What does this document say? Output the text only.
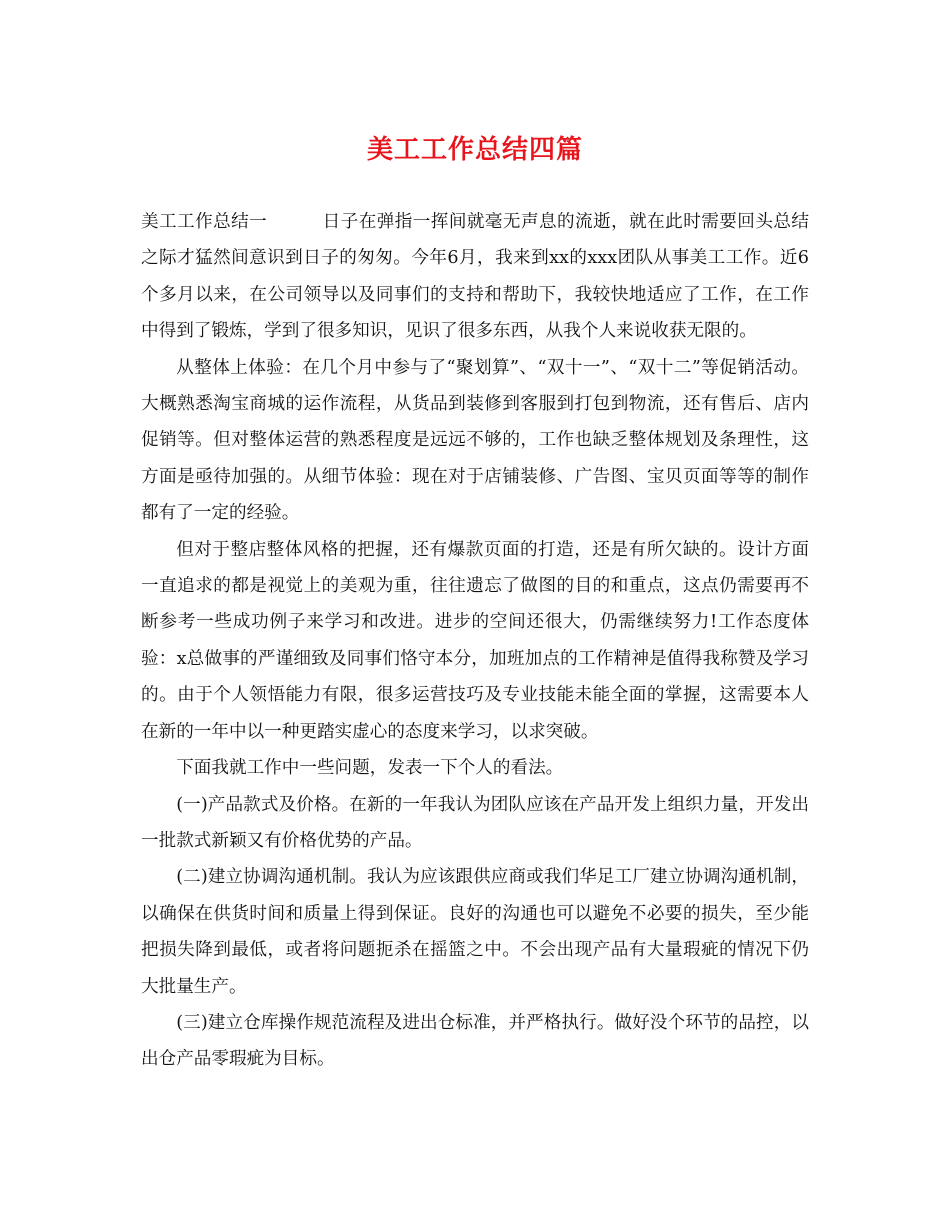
美工工作总结四篇

美工工作总结一	日子在弹指一挥间就毫无声息的流逝，就在此时需要回头总结之际才猛然间意识到日子的匆匆。今年6月，我来到xx的xxx团队从事美工工作。近6个多月以来，在公司领导以及同事们的支持和帮助下，我较快地适应了工作，在工作中得到了锻炼，学到了很多知识，见识了很多东西，从我个人来说收获无限的。

从整体上体验：在几个月中参与了“聚划算”、“双十一”、“双十二”等促销活动。大概熟悉淘宝商城的运作流程，从货品到装修到客服到打包到物流，还有售后、店内促销等。但对整体运营的熟悉程度是远远不够的，工作也缺乏整体规划及条理性，这方面是亟待加强的。从细节体验：现在对于店铺装修、广告图、宝贝页面等等的制作都有了一定的经验。

但对于整店整体风格的把握，还有爆款页面的打造，还是有所欠缺的。设计方面一直追求的都是视觉上的美观为重，往往遗忘了做图的目的和重点，这点仍需要再不断参考一些成功例子来学习和改进。进步的空间还很大，仍需继续努力!工作态度体验：x总做事的严谨细致及同事们恪守本分，加班加点的工作精神是值得我称赞及学习的。由于个人领悟能力有限，很多运营技巧及专业技能未能全面的掌握，这需要本人在新的一年中以一种更踏实虚心的态度来学习，以求突破。

下面我就工作中一些问题，发表一下个人的看法。

(一)产品款式及价格。在新的一年我认为团队应该在产品开发上组织力量，开发出一批款式新颖又有价格优势的产品。

(二)建立协调沟通机制。我认为应该跟供应商或我们华足工厂建立协调沟通机制，以确保在供货时间和质量上得到保证。良好的沟通也可以避免不必要的损失，至少能把损失降到最低，或者将问题扼杀在摇篮之中。不会出现产品有大量瑕疵的情况下仍大批量生产。

(三)建立仓库操作规范流程及进出仓标准，并严格执行。做好没个环节的品控，以出仓产品零瑕疵为目标。
